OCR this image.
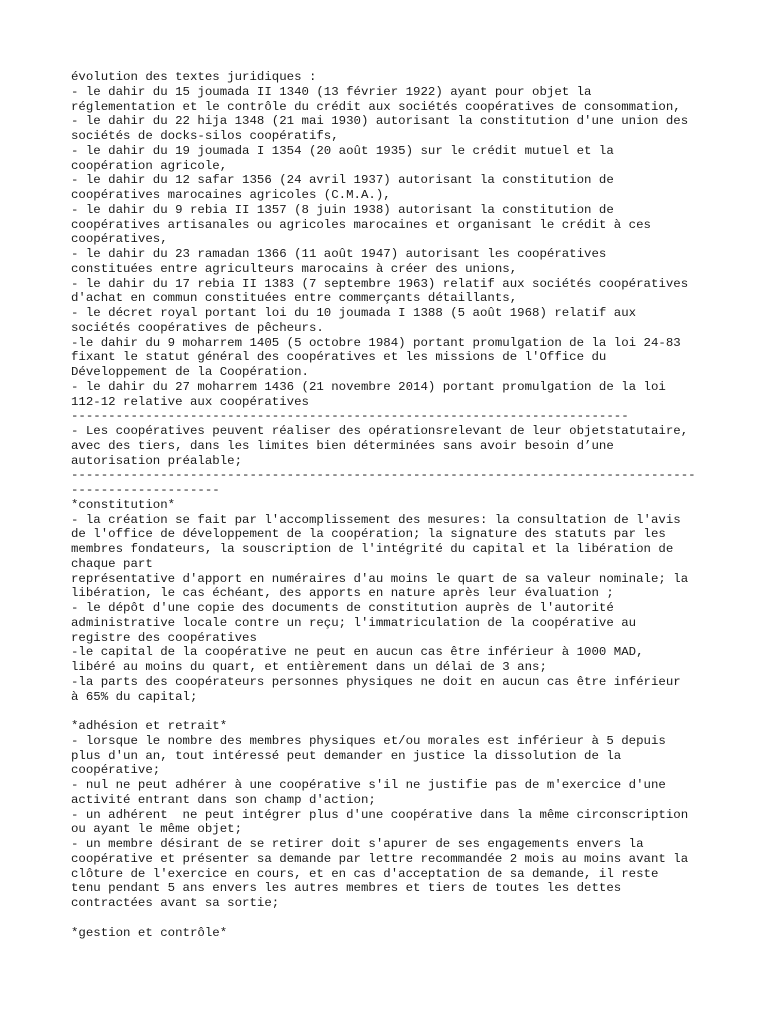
évolution des textes juridiques :
- le dahir du 15 joumada II 1340 (13 février 1922) ayant pour objet la
réglementation et le contrôle du crédit aux sociétés coopératives de consommation,
- le dahir du 22 hija 1348 (21 mai 1930) autorisant la constitution d'une union des
sociétés de docks-silos coopératifs,
- le dahir du 19 joumada I 1354 (20 août 1935) sur le crédit mutuel et la
coopération agricole,
- le dahir du 12 safar 1356 (24 avril 1937) autorisant la constitution de
coopératives marocaines agricoles (C.M.A.),
- le dahir du 9 rebia II 1357 (8 juin 1938) autorisant la constitution de
coopératives artisanales ou agricoles marocaines et organisant le crédit à ces
coopératives,
- le dahir du 23 ramadan 1366 (11 août 1947) autorisant les coopératives
constituées entre agriculteurs marocains à créer des unions,
- le dahir du 17 rebia II 1383 (7 septembre 1963) relatif aux sociétés coopératives
d'achat en commun constituées entre commerçants détaillants,
- le décret royal portant loi du 10 joumada I 1388 (5 août 1968) relatif aux
sociétés coopératives de pêcheurs.
-le dahir du 9 moharrem 1405 (5 octobre 1984) portant promulgation de la loi 24-83
fixant le statut général des coopératives et les missions de l'Office du
Développement de la Coopération.
- le dahir du 27 moharrem 1436 (21 novembre 2014) portant promulgation de la loi
112-12 relative aux coopératives
---------------------------------------------------------------------------
- Les coopératives peuvent réaliser des opérationsrelevant de leur objetstatutaire,
avec des tiers, dans les limites bien déterminées sans avoir besoin d’une
autorisation préalable;
------------------------------------------------------------------------------------
--------------------
*constitution*
- la création se fait par l'accomplissement des mesures: la consultation de l'avis
de l'office de développement de la coopération; la signature des statuts par les
membres fondateurs, la souscription de l'intégrité du capital et la libération de
chaque part
représentative d'apport en numéraires d'au moins le quart de sa valeur nominale; la
libération, le cas échéant, des apports en nature après leur évaluation ;
- le dépôt d'une copie des documents de constitution auprès de l'autorité
administrative locale contre un reçu; l'immatriculation de la coopérative au
registre des coopératives
-le capital de la coopérative ne peut en aucun cas être inférieur à 1000 MAD,
libéré au moins du quart, et entièrement dans un délai de 3 ans;
-la parts des coopérateurs personnes physiques ne doit en aucun cas être inférieur
à 65% du capital;
*adhésion et retrait*
- lorsque le nombre des membres physiques et/ou morales est inférieur à 5 depuis
plus d'un an, tout intéressé peut demander en justice la dissolution de la
coopérative;
- nul ne peut adhérer à une coopérative s'il ne justifie pas de m'exercice d'une
activité entrant dans son champ d'action;
- un adhérent  ne peut intégrer plus d'une coopérative dans la même circonscription
ou ayant le même objet;
- un membre désirant de se retirer doit s'apurer de ses engagements envers la
coopérative et présenter sa demande par lettre recommandée 2 mois au moins avant la
clôture de l'exercice en cours, et en cas d'acceptation de sa demande, il reste
tenu pendant 5 ans envers les autres membres et tiers de toutes les dettes
contractées avant sa sortie;
*gestion et contrôle*
